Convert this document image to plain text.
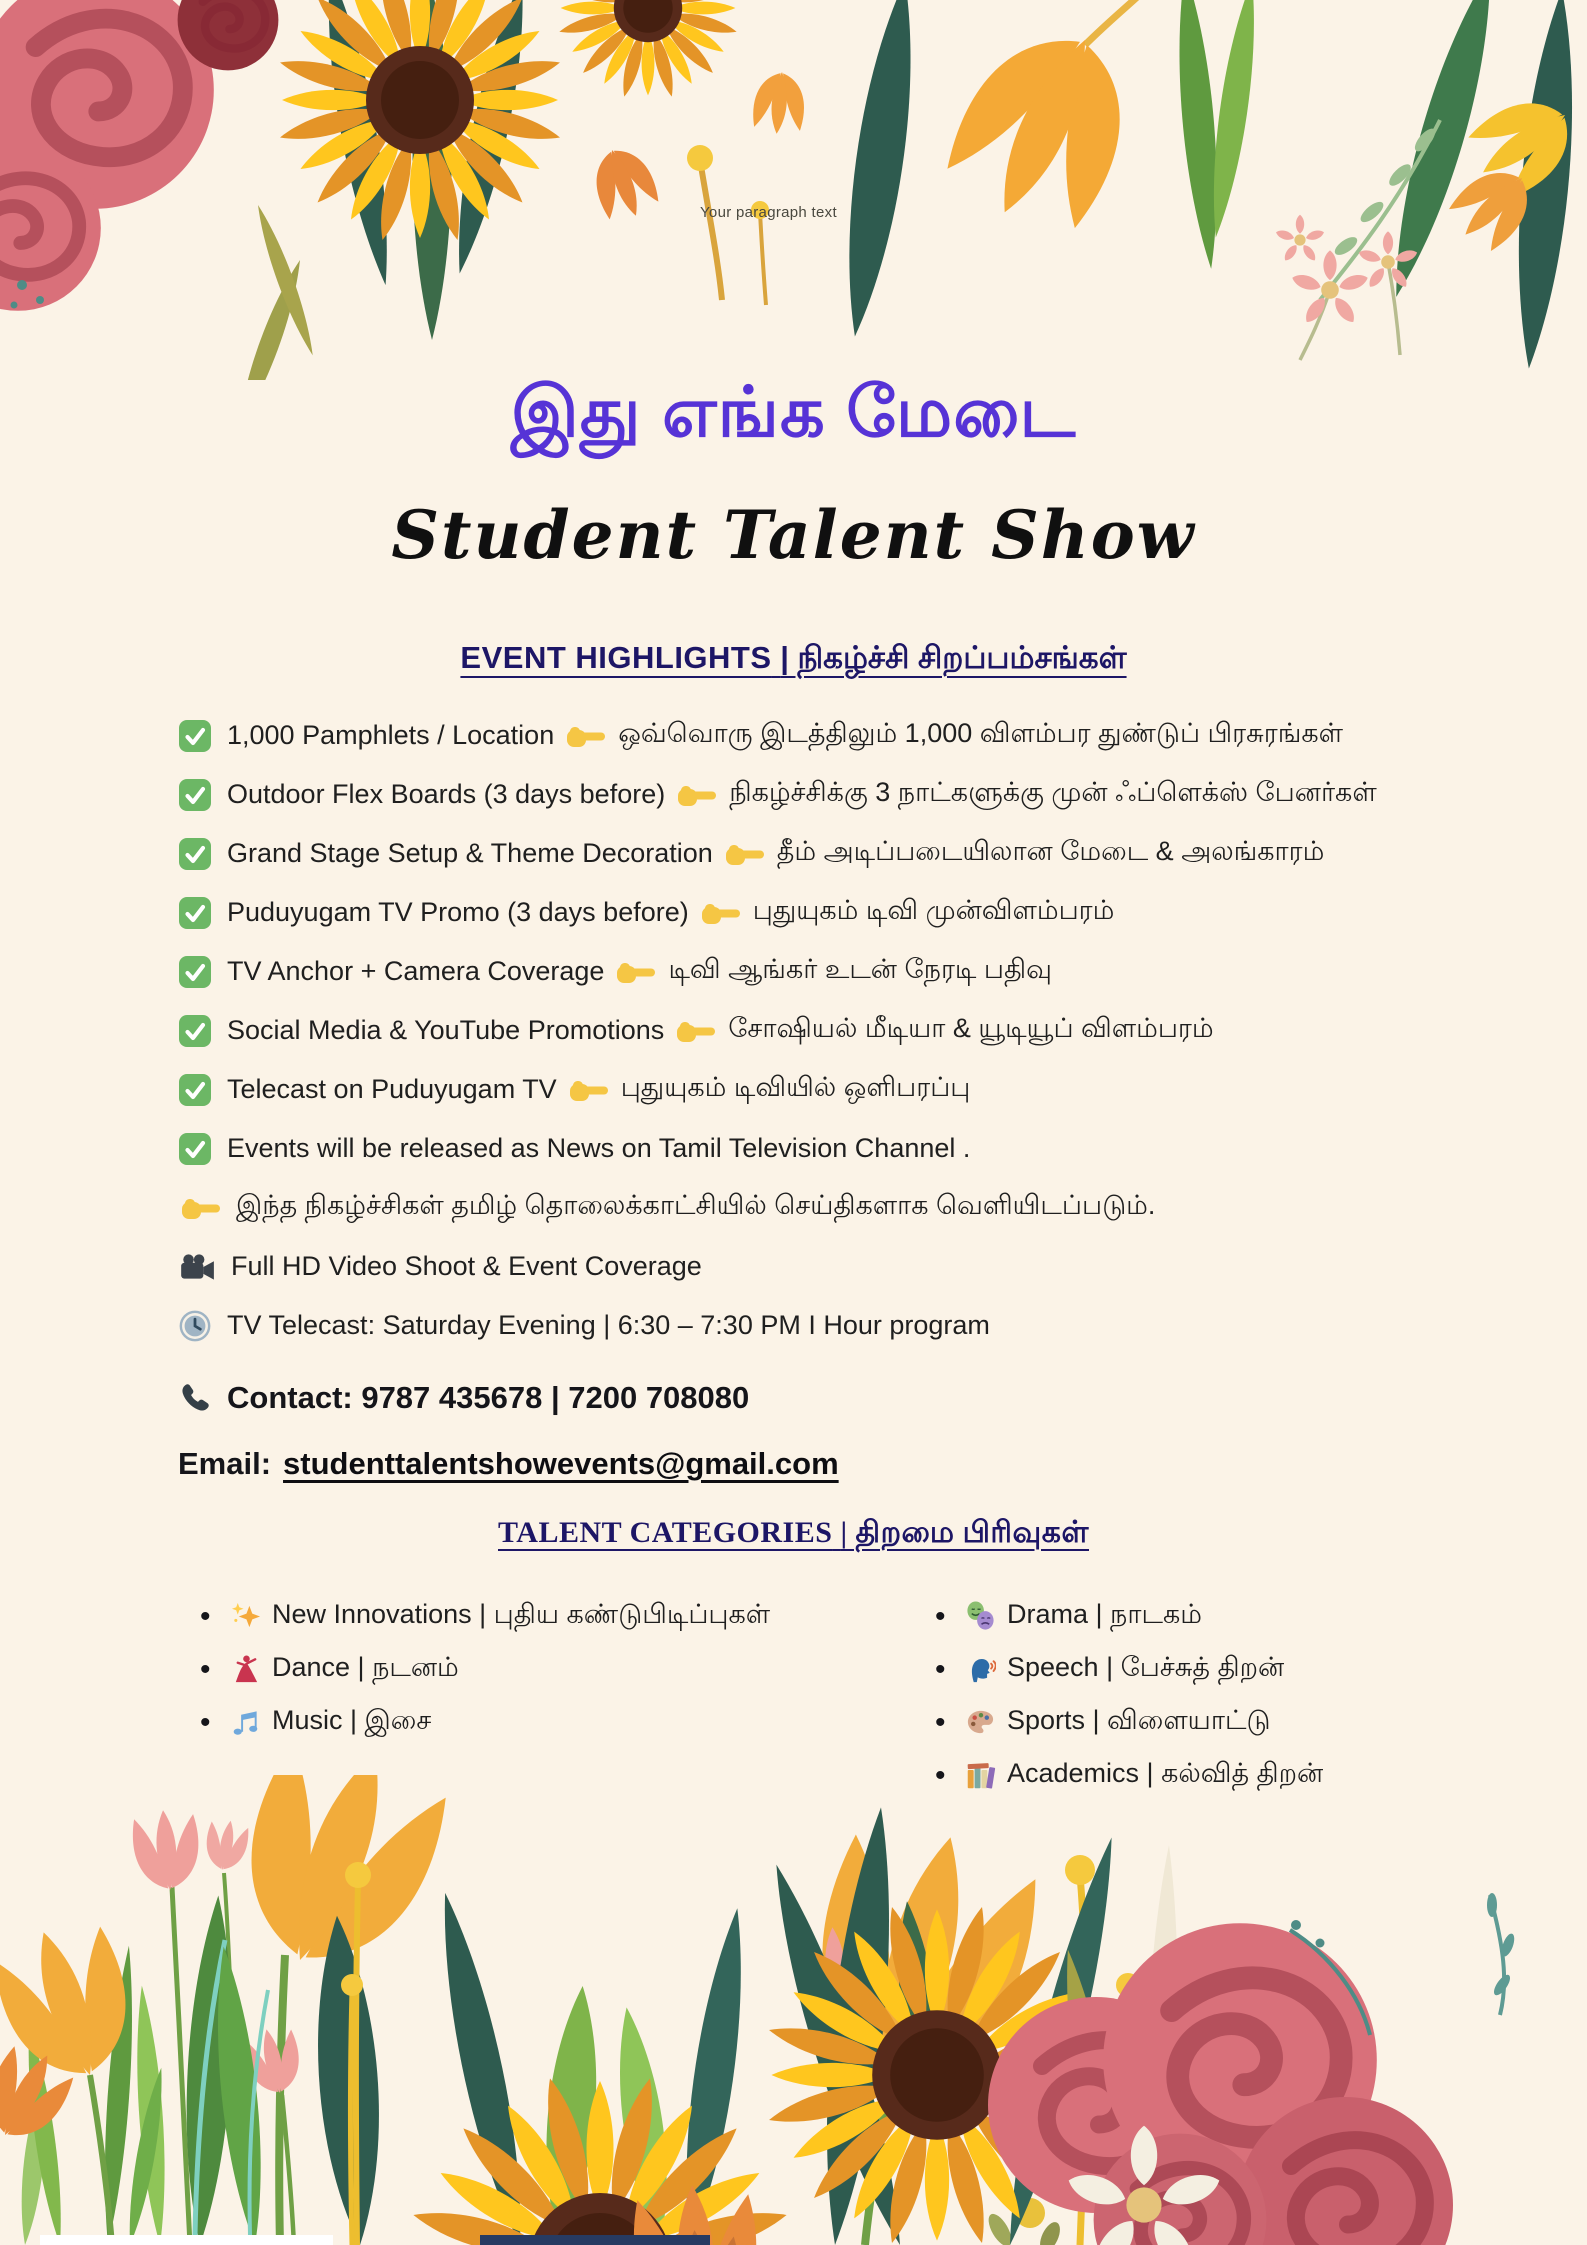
Your paragraph text
இது எங்க மேடை
Student Talent Show
EVENT HIGHLIGHTS | நிகழ்ச்சி சிறப்பம்சங்கள்
1,000 Pamphlets / Location ஒவ்வொரு இடத்திலும் 1,000 விளம்பர துண்டுப் பிரசுரங்கள்
Outdoor Flex Boards (3 days before) நிகழ்ச்சிக்கு 3 நாட்களுக்கு முன் ஃப்ளெக்ஸ் பேனர்கள்
Grand Stage Setup & Theme Decoration தீம் அடிப்படையிலான மேடை & அலங்காரம்
Puduyugam TV Promo (3 days before) புதுயுகம் டிவி முன்விளம்பரம்
TV Anchor + Camera Coverage டிவி ஆங்கர் உடன் நேரடி பதிவு
Social Media & YouTube Promotions சோஷியல் மீடியா & யூடியூப் விளம்பரம்
Telecast on Puduyugam TV புதுயுகம் டிவியில் ஒளிபரப்பு
Events will be released as News on Tamil Television Channel .
இந்த நிகழ்ச்சிகள் தமிழ் தொலைக்காட்சியில் செய்திகளாக வெளியிடப்படும்.
Full HD Video Shoot & Event Coverage
TV Telecast: Saturday Evening | 6:30 – 7:30 PM I Hour program
Contact: 9787 435678 | 7200 708080
Email: studenttalentshowevents@gmail.com
TALENT CATEGORIES | திறமை பிரிவுகள்
•	New Innovations | புதிய கண்டுபிடிப்புகள்
•	Dance | நடனம்
•	Music | இசை
•	Drama | நாடகம்
•	Speech | பேச்சுத் திறன்
•	Sports | விளையாட்டு
•	Academics | கல்வித் திறன்
